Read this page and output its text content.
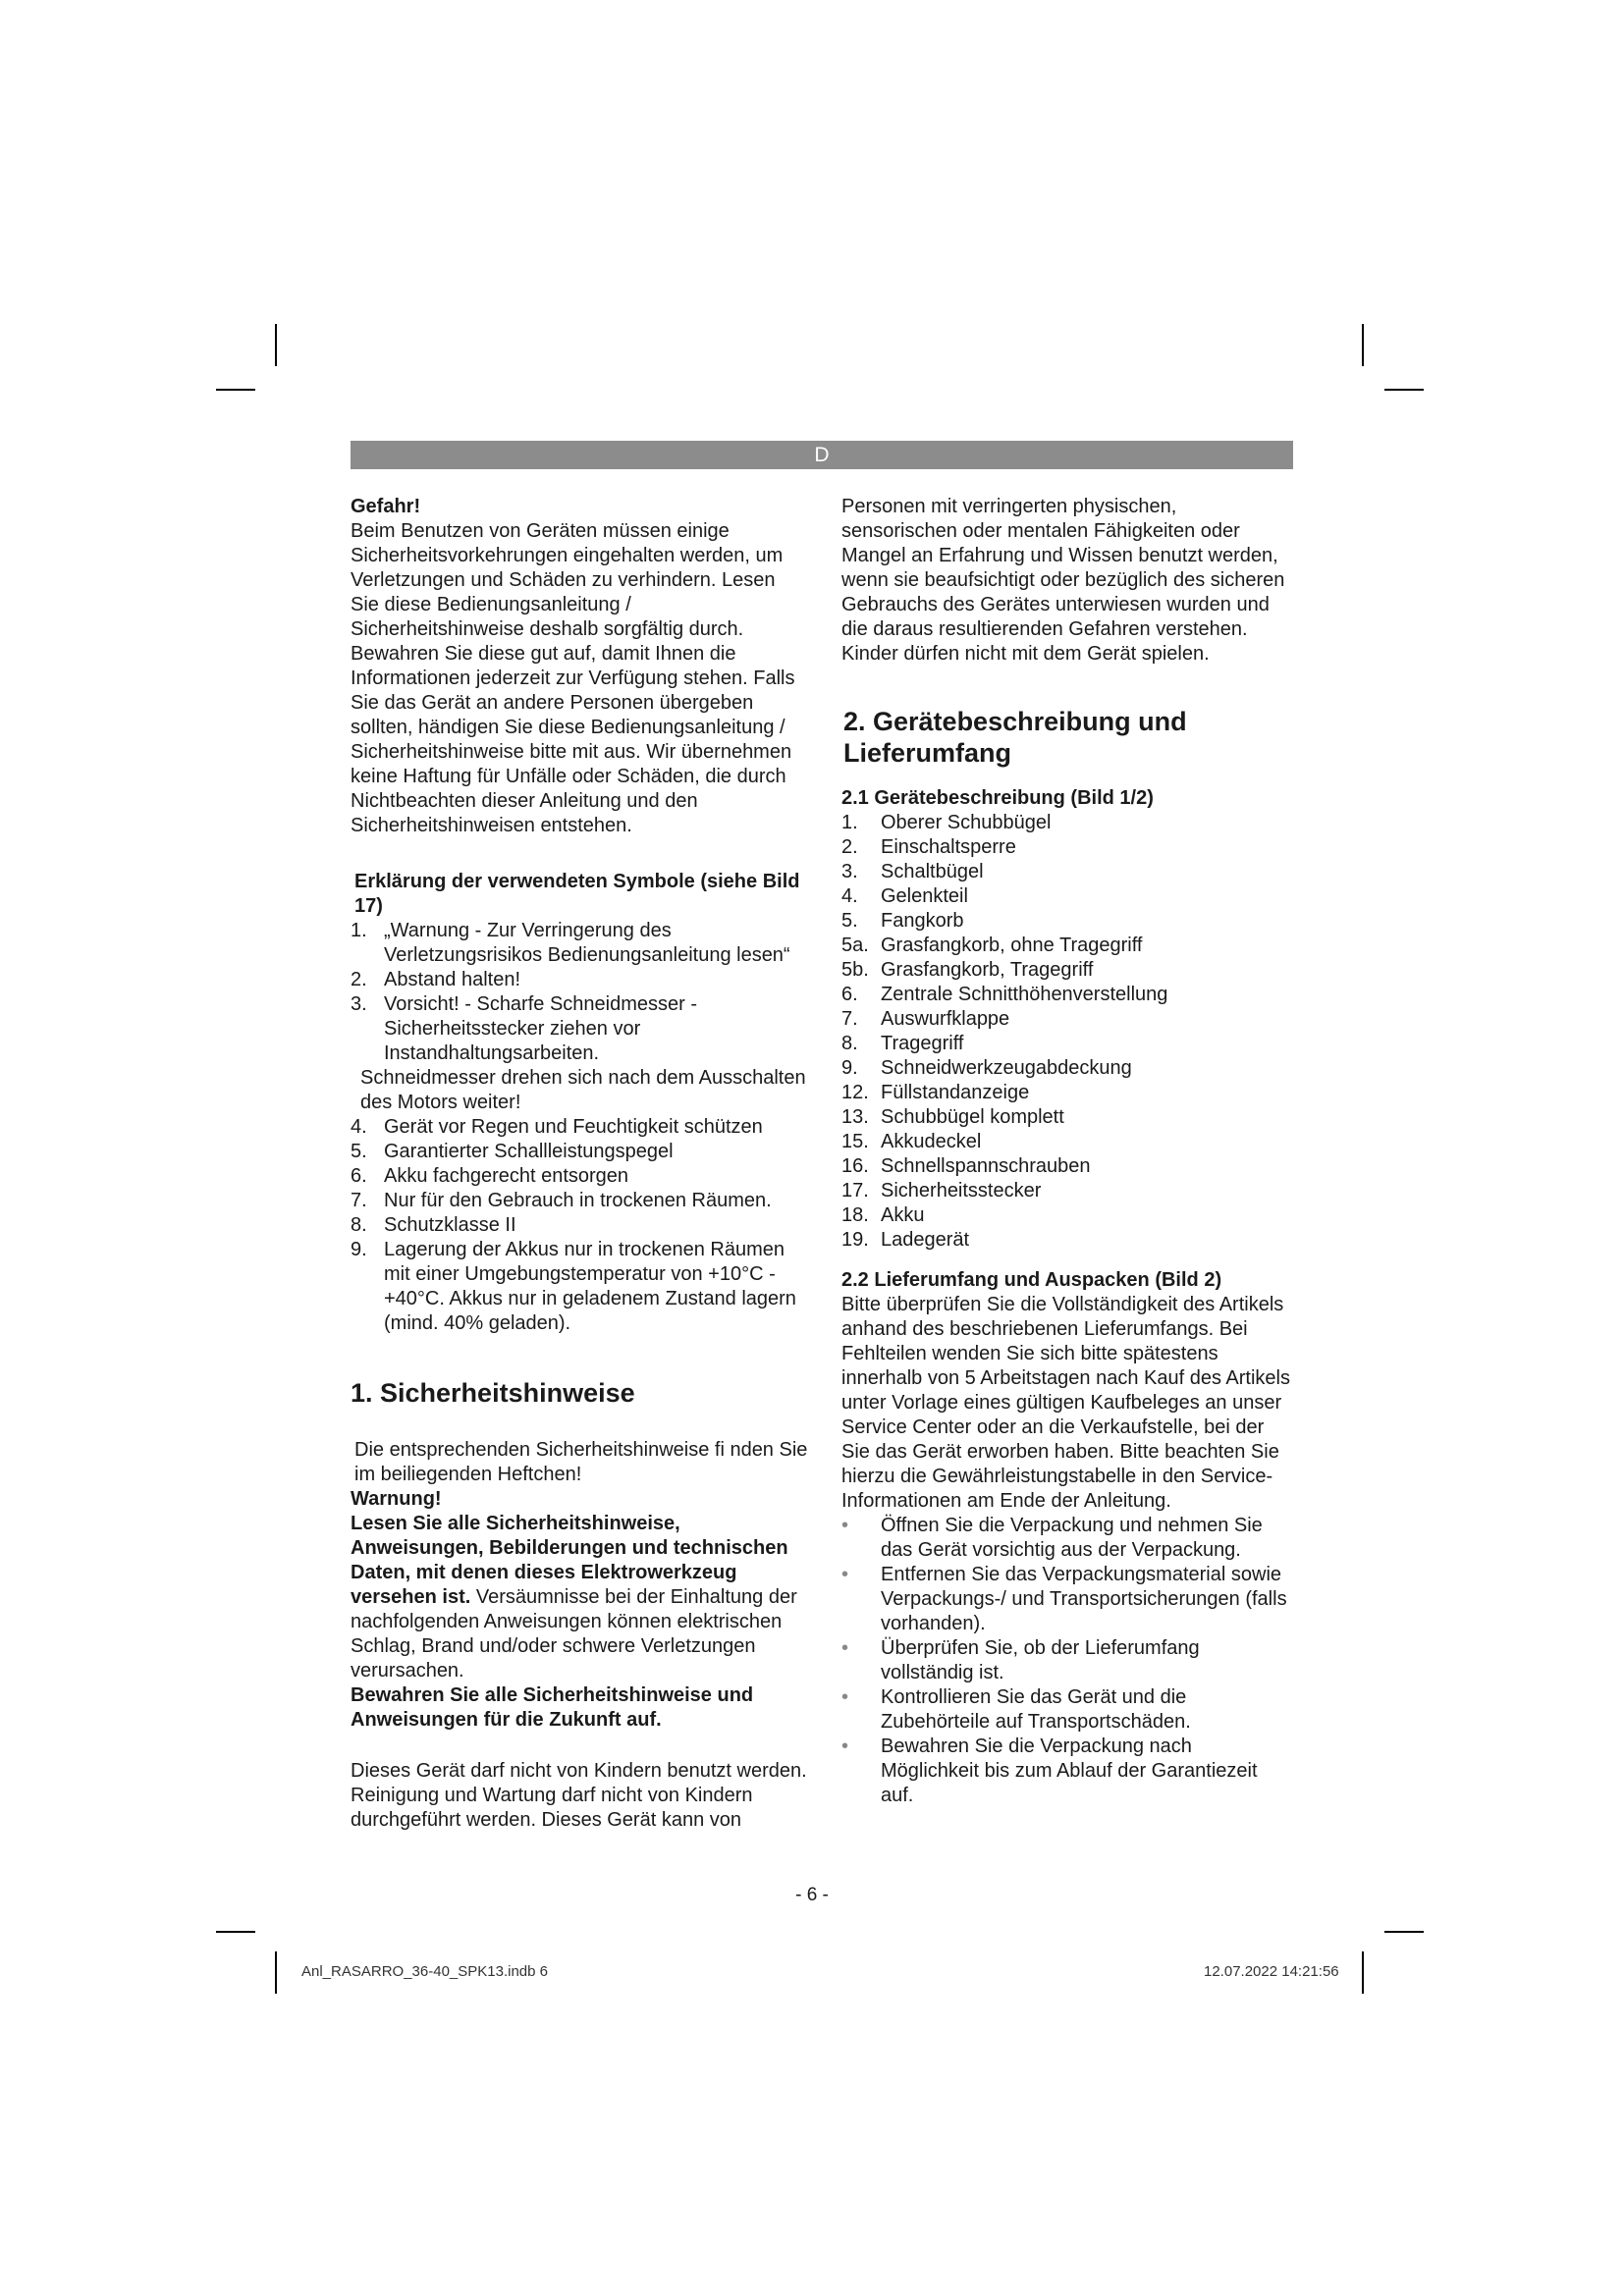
D

Gefahr!

Beim Benutzen von Geräten müssen einige Sicherheitsvorkehrungen eingehalten werden, um Verletzungen und Schäden zu verhindern. Lesen Sie diese Bedienungsanleitung / Sicherheitshinweise deshalb sorgfältig durch. Bewahren Sie diese gut auf, damit Ihnen die Informationen jederzeit zur Verfügung stehen. Falls Sie das Gerät an andere Personen übergeben sollten, händigen Sie diese Bedienungsanleitung / Sicherheitshinweise bitte mit aus. Wir übernehmen keine Haftung für Unfälle oder Schäden, die durch Nichtbeachten dieser Anleitung und den Sicherheitshinweisen entstehen.

Erklärung der verwendeten Symbole (siehe Bild 17)

1. „Warnung - Zur Verringerung des Verletzungsrisikos Bedienungsanleitung lesen“
2. Abstand halten!
3. Vorsicht! - Scharfe Schneidmesser - Sicherheitsstecker ziehen vor Instandhaltungsarbeiten.
Schneidmesser drehen sich nach dem Ausschalten des Motors weiter!
4. Gerät vor Regen und Feuchtigkeit schützen
5. Garantierter Schallleistungspegel
6. Akku fachgerecht entsorgen
7. Nur für den Gebrauch in trockenen Räumen.
8. Schutzklasse II
9. Lagerung der Akkus nur in trockenen Räumen mit einer Umgebungstemperatur von +10°C - +40°C. Akkus nur in geladenem Zustand lagern (mind. 40% geladen).

1. Sicherheitshinweise

Die entsprechenden Sicherheitshinweise fi nden Sie im beiliegenden Heftchen!

Warnung!

Lesen Sie alle Sicherheitshinweise, Anweisungen, Bebilderungen und technischen Daten, mit denen dieses Elektrowerkzeug versehen ist. Versäumnisse bei der Einhaltung der nachfolgenden Anweisungen können elektrischen Schlag, Brand und/oder schwere Verletzungen verursachen.

Bewahren Sie alle Sicherheitshinweise und Anweisungen für die Zukunft auf.

Dieses Gerät darf nicht von Kindern benutzt werden. Reinigung und Wartung darf nicht von Kindern durchgeführt werden. Dieses Gerät kann von

Personen mit verringerten physischen, sensorischen oder mentalen Fähigkeiten oder Mangel an Erfahrung und Wissen benutzt werden, wenn sie beaufsichtigt oder bezüglich des sicheren Gebrauchs des Gerätes unterwiesen wurden und die daraus resultierenden Gefahren verstehen. Kinder dürfen nicht mit dem Gerät spielen.

2. Gerätebeschreibung und Lieferumfang

2.1 Gerätebeschreibung (Bild 1/2)

1.	Oberer Schubbügel
2.	Einschaltsperre
3.	Schaltbügel
4.	Gelenkteil
5.	Fangkorb
5a. Grasfangkorb, ohne Tragegriff
5b. Grasfangkorb, Tragegriff
6.	Zentrale Schnitthöhenverstellung
7.	Auswurfklappe
8.	Tragegriff
9.	Schneidwerkzeugabdeckung
12. Füllstandanzeige
13. Schubbügel komplett
15. Akkudeckel
16. Schnellspannschrauben
17. Sicherheitsstecker
18. Akku
19. Ladegerät

2.2 Lieferumfang und Auspacken (Bild 2)

Bitte überprüfen Sie die Vollständigkeit des Artikels anhand des beschriebenen Lieferumfangs. Bei Fehlteilen wenden Sie sich bitte spätestens innerhalb von 5 Arbeitstagen nach Kauf des Artikels unter Vorlage eines gültigen Kaufbeleges an unser Service Center oder an die Verkaufstelle, bei der Sie das Gerät erworben haben. Bitte beachten Sie hierzu die Gewährleistungstabelle in den Service-Informationen am Ende der Anleitung.

•	Öffnen Sie die Verpackung und nehmen Sie das Gerät vorsichtig aus der Verpackung.
•	Entfernen Sie das Verpackungsmaterial sowie Verpackungs-/ und Transportsicherungen (falls vorhanden).
•	Überprüfen Sie, ob der Lieferumfang vollständig ist.
•	Kontrollieren Sie das Gerät und die Zubehörteile auf Transportschäden.
•	Bewahren Sie die Verpackung nach Möglichkeit bis zum Ablauf der Garantiezeit auf.
- 6 -
Anl_RASARRO_36-40_SPK13.indb 6	12.07.2022 14:21:56
